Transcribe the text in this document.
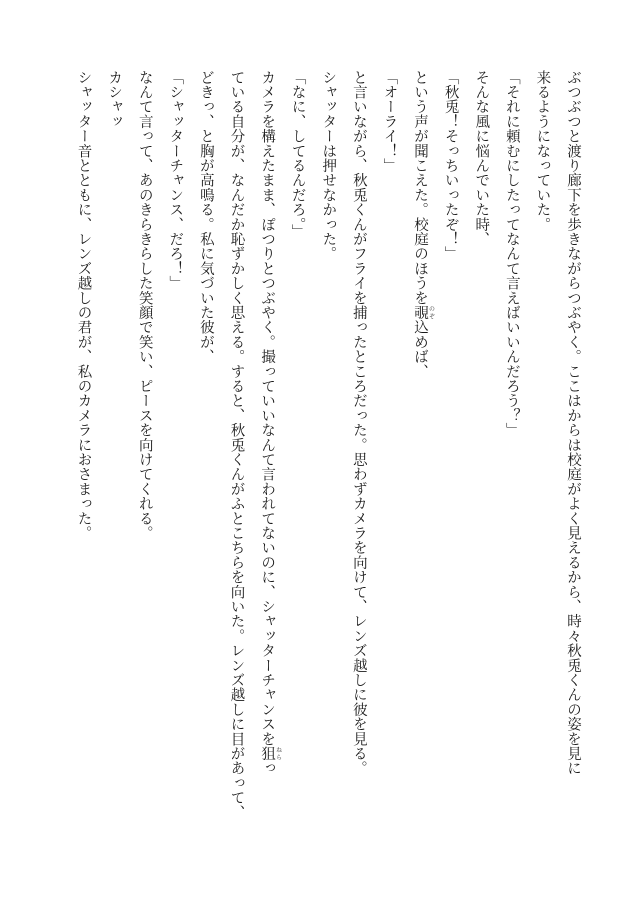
ぶつぶつと渡り廊下を歩きながらつぶやく。ここはからは校庭がよく見えるから、時々秋兎くんの姿を見に
来るようになっていた。
「それに頼むにしたってなんて言えばいいんだろう？」
そんな風に悩んでいた時、
「秋兎！そっちいったぞ！」
という声が聞こえた。校庭のほうを覗 のぞ込めば、
「オーライ！」
と言いながら、秋兎くんがフライを捕ったところだった。思わずカメラを向けて、レンズ越しに彼を見る。
シャッターは押せなかった。
「なに、してるんだろ。」
カメラを構えたまま、ぽつりとつぶやく。撮っていいなんて言われてないのに、シャッターチャンスを狙 ねらっ
ている自分が、なんだか恥ずかしく思える。すると、秋兎くんがふとこちらを向いた。レンズ越しに目があって、
どきっ、と胸が高鳴る。私に気づいた彼が、
「シャッターチャンス、だろ！」
なんて言って、あのきらきらした笑顔で笑い、ピースを向けてくれる。
カシャッ
シャッター音とともに、レンズ越しの君が、私のカメラにおさまった。
